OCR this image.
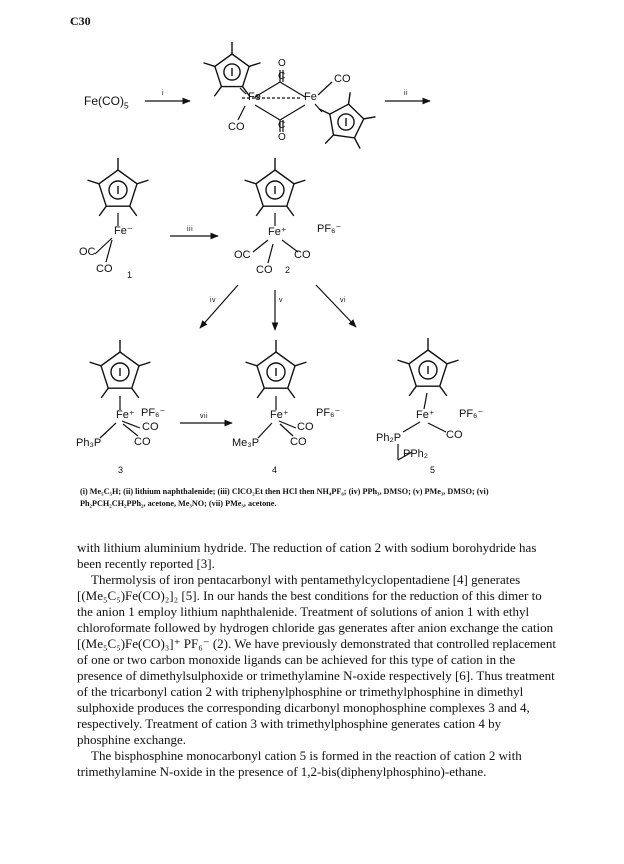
C30
$Fe(CO)_5$
Fe	Fe
CO
CO
O
C
C
O
Fe⁻
OC
CO 1
Fe⁺
OC	CO
CO 2
PF₆⁻
Fe⁺ PF₆⁻
CO
CO
Ph₃P
3
Fe⁺ PF₆⁻
CO
CO
Me₃P
4
Fe⁺ PF₆⁻
CO
Ph₂P
PPh₂
5
i	ii
iii
iv	v	vi
vii
(i) Me₅C₅H; (ii) lithium naphthalenide; (iii) ClCO₂Et then HCl then NH₄PF₆; (iv) PPh₃, DMSO; (v) PMe₃, DMSO; (vi) Ph₂PCH₂CH₂PPh₂, acetone, Me₃NO; (vii) PMe₃, acetone.

with lithium aluminium hydride. The reduction of cation 2 with sodium borohydride has been recently reported [3].

Thermolysis of iron pentacarbonyl with pentamethylcyclopentadiene [4] generates [(Me₅C₅)Fe(CO)₂]₂ [5]. In our hands the best conditions for the reduction of this dimer to the anion 1 employ lithium naphthalenide. Treatment of solutions of anion 1 with ethyl chloroformate followed by hydrogen chloride gas generates after anion exchange the cation [(Me₅C₅)Fe(CO)₃]⁺ PF₆⁻ (2). We have previously demonstrated that controlled replacement of one or two carbon monoxide ligands can be achieved for this type of cation in the presence of dimethylsulphoxide or trimethylamine N-oxide respectively [6]. Thus treatment of the tricarbonyl cation 2 with triphenylphosphine or trimethylphosphine in dimethyl sulphoxide produces the corresponding dicarbonyl monophosphine complexes 3 and 4, respectively. Treatment of cation 3 with trimethylphosphine generates cation 4 by phosphine exchange.

The bisphosphine monocarbonyl cation 5 is formed in the reaction of cation 2 with trimethylamine N-oxide in the presence of 1,2-bis(diphenylphosphino)-ethane.
